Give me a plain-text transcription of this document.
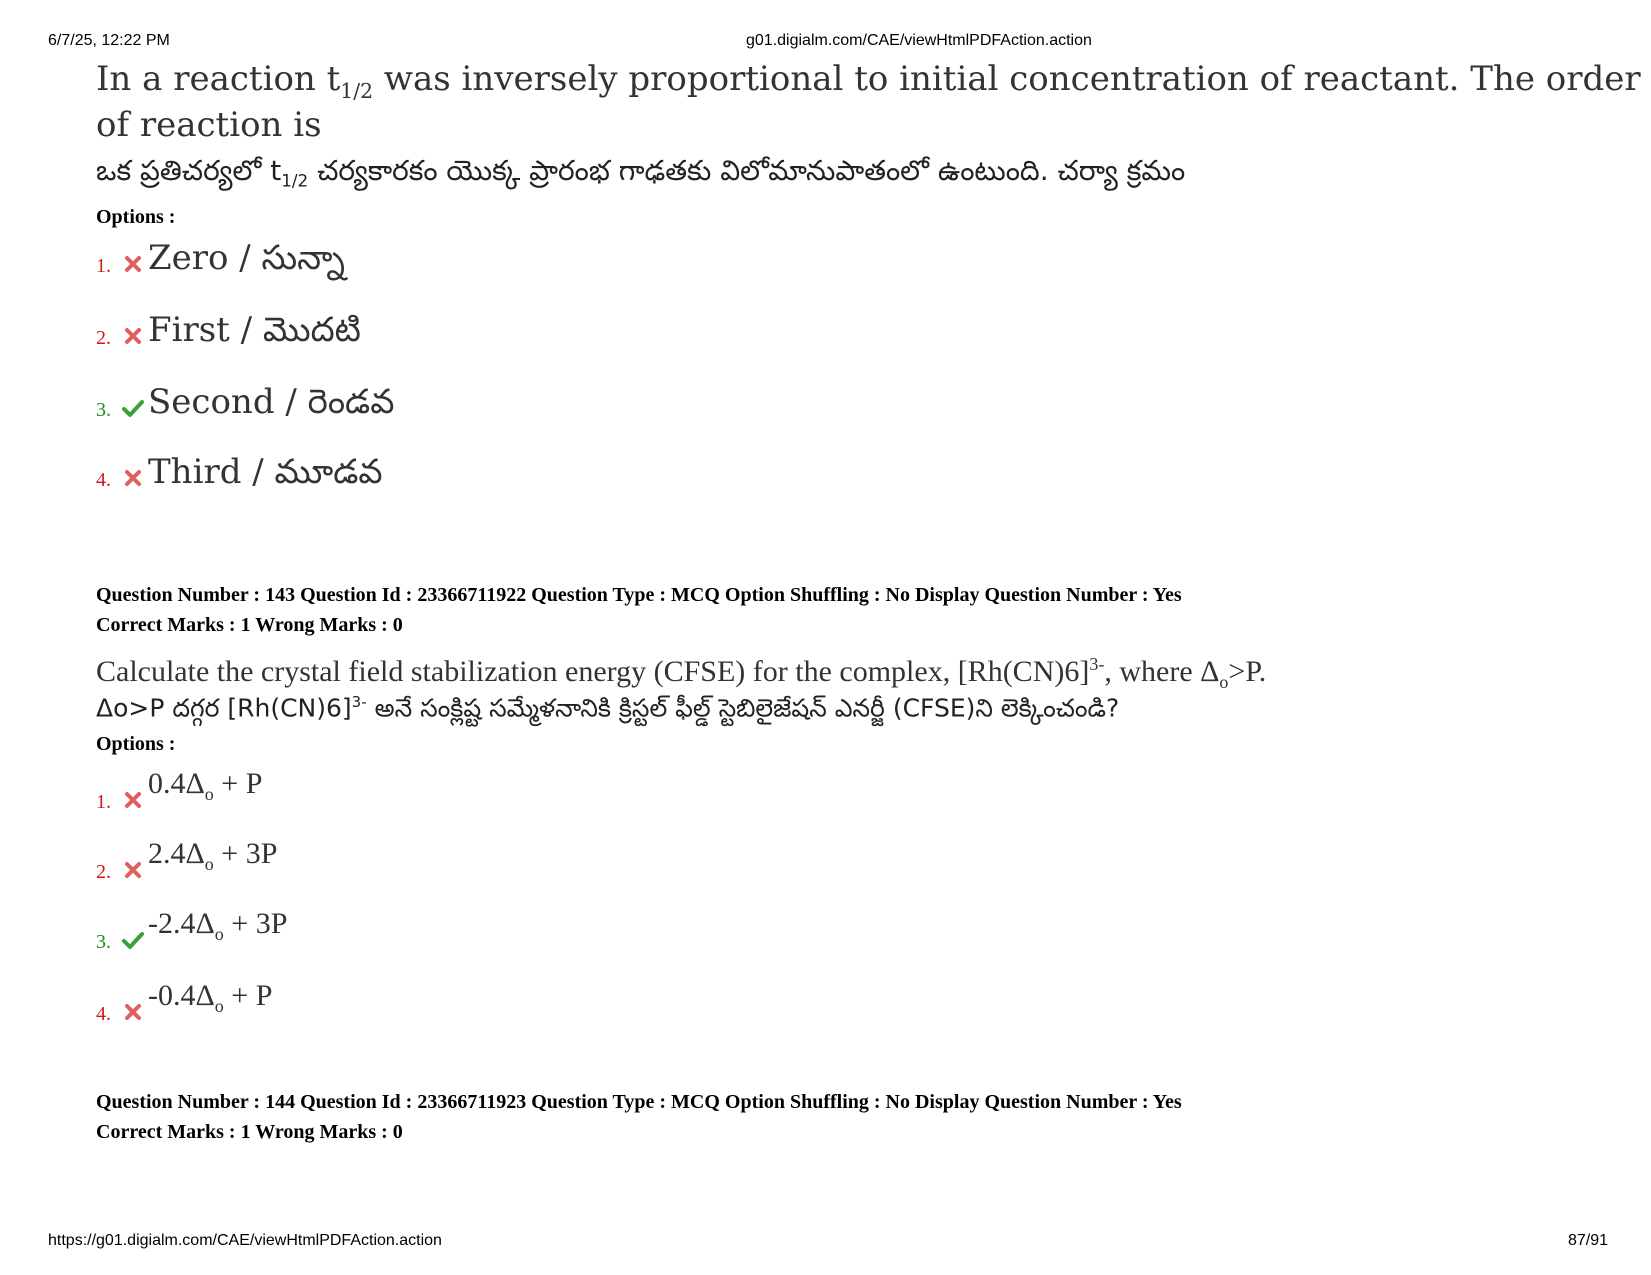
6/7/25, 12:22 PM	g01.digialm.com/CAE/viewHtmlPDFAction.action
In a reaction $t_{1/2}$ was inversely proportional to initial concentration of reactant. The order
of reaction is
ఒక ప్రతిచర్యలో $t_{1/2}$ చర్యకారకం యొక్క ప్రారంభ గాఢతకు విలోమానుపాతంలో ఉంటుంది. చర్యా క్రమం
Options :
1.	Zero / సున్నా
2.	First / మొదటి
3.	Second / రెండవ
4.	Third / మూడవ
Question Number : 143 Question Id : 23366711922 Question Type : MCQ Option Shuffling : No Display Question Number : Yes
Correct Marks : 1 Wrong Marks : 0
Calculate the crystal field stabilization energy (CFSE) for the complex, $[Rh(CN)6]^{3-}$, where $\Delta_o>P$.
Δo>P దగ్గర $[Rh(CN)6]^{3-}$ అనే సంక్లిష్ట సమ్మేళనానికి క్రిస్టల్ ఫీల్డ్ స్టెబిలైజేషన్ ఎనర్జీ (CFSE)ని లెక్కించండి?
Options :
1.
$0.4\Delta_o + P$
2.
$2.4\Delta_o + 3P$
3.
$-2.4\Delta_o + 3P$
4.
$-0.4\Delta_o + P$
Question Number : 144 Question Id : 23366711923 Question Type : MCQ Option Shuffling : No Display Question Number : Yes
Correct Marks : 1 Wrong Marks : 0
https://g01.digialm.com/CAE/viewHtmlPDFAction.action	87/91
